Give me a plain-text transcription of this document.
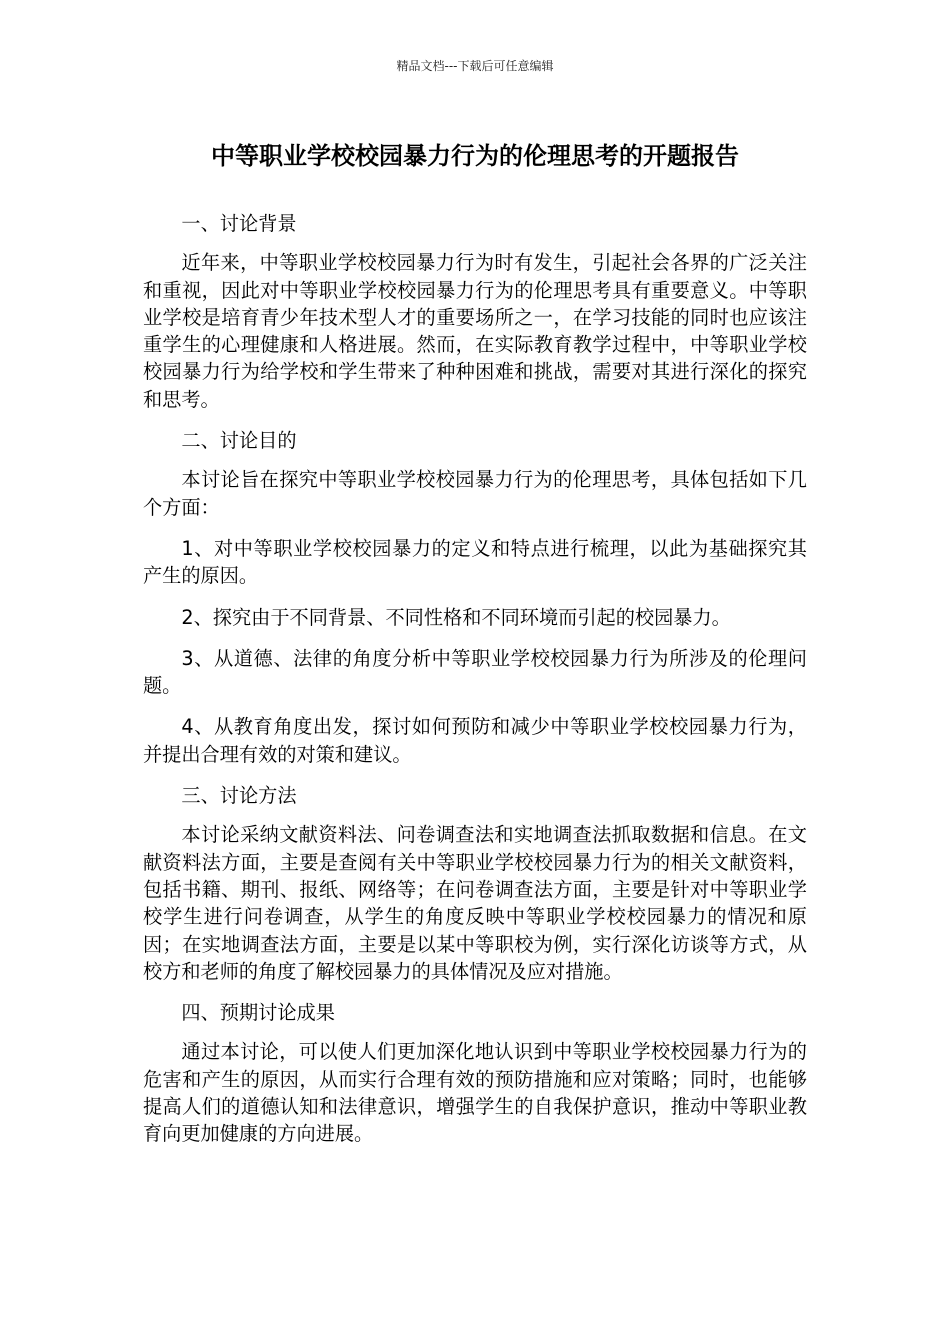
精品文档---下载后可任意编辑
中等职业学校校园暴力行为的伦理思考的开题报告

一、讨论背景

近年来，中等职业学校校园暴力行为时有发生，引起社会各界的广泛关注和重视，因此对中等职业学校校园暴力行为的伦理思考具有重要意义。中等职业学校是培育青少年技术型人才的重要场所之一，在学习技能的同时也应该注重学生的心理健康和人格进展。然而，在实际教育教学过程中，中等职业学校校园暴力行为给学校和学生带来了种种困难和挑战，需要对其进行深化的探究和思考。

二、讨论目的

本讨论旨在探究中等职业学校校园暴力行为的伦理思考，具体包括如下几个方面：

1、对中等职业学校校园暴力的定义和特点进行梳理，以此为基础探究其产生的原因。

2、探究由于不同背景、不同性格和不同环境而引起的校园暴力。

3、从道德、法律的角度分析中等职业学校校园暴力行为所涉及的伦理问题。

4、从教育角度出发，探讨如何预防和减少中等职业学校校园暴力行为，并提出合理有效的对策和建议。

三、讨论方法

本讨论采纳文献资料法、问卷调查法和实地调查法抓取数据和信息。在文献资料法方面，主要是查阅有关中等职业学校校园暴力行为的相关文献资料，包括书籍、期刊、报纸、网络等；在问卷调查法方面，主要是针对中等职业学校学生进行问卷调查，从学生的角度反映中等职业学校校园暴力的情况和原因；在实地调查法方面，主要是以某中等职校为例，实行深化访谈等方式，从校方和老师的角度了解校园暴力的具体情况及应对措施。

四、预期讨论成果

通过本讨论，可以使人们更加深化地认识到中等职业学校校园暴力行为的危害和产生的原因，从而实行合理有效的预防措施和应对策略；同时，也能够提高人们的道德认知和法律意识，增强学生的自我保护意识，推动中等职业教育向更加健康的方向进展。
